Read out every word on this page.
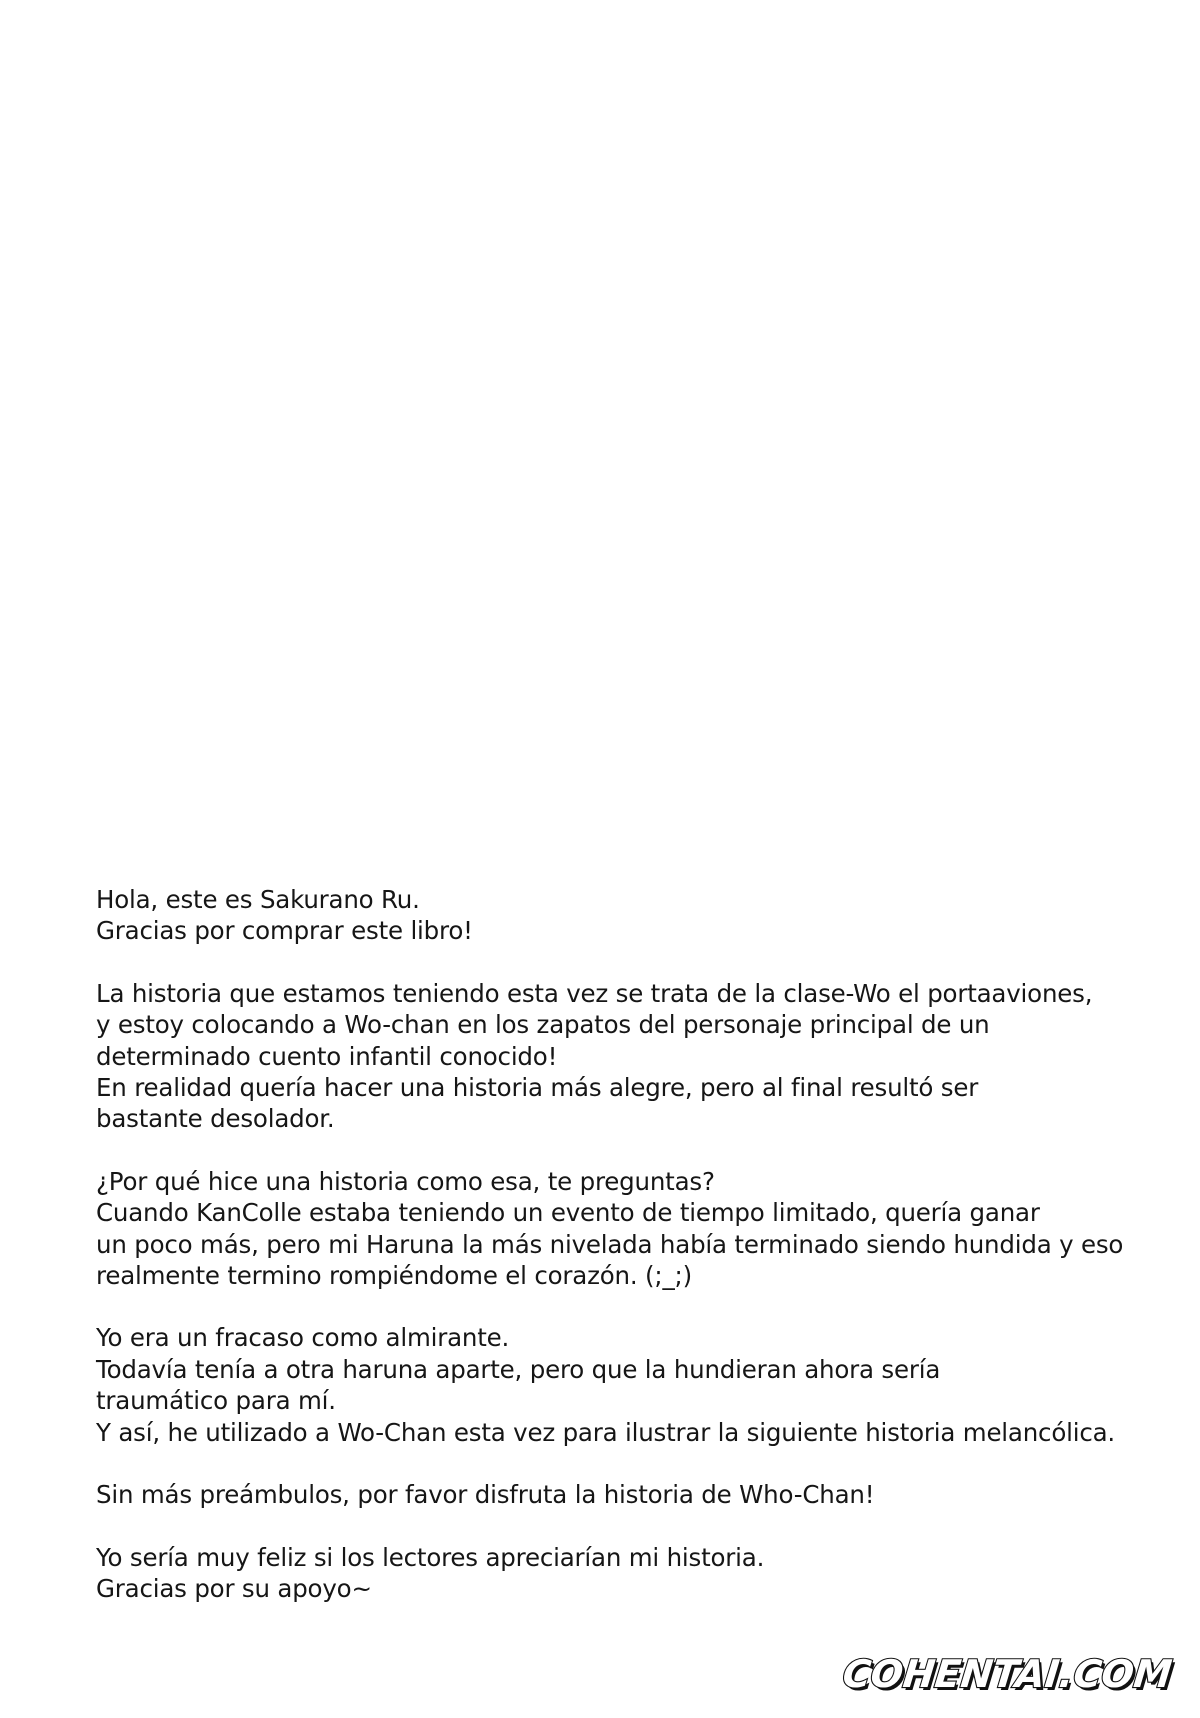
Hola, este es Sakurano Ru.
Gracias por comprar este libro!

La historia que estamos teniendo esta vez se trata de la clase-Wo el portaaviones,
y estoy colocando a Wo-chan en los zapatos del personaje principal de un
determinado cuento infantil conocido!
En realidad quería hacer una historia más alegre, pero al final resultó ser
bastante desolador.

¿Por qué hice una historia como esa, te preguntas?
Cuando KanColle estaba teniendo un evento de tiempo limitado, quería ganar
un poco más, pero mi Haruna la más nivelada había terminado siendo hundida y eso
realmente termino rompiéndome el corazón. (;_;)

Yo era un fracaso como almirante.
Todavía tenía a otra haruna aparte, pero que la hundieran ahora sería
traumático para mí.
Y así, he utilizado a Wo-Chan esta vez para ilustrar la siguiente historia melancólica.

Sin más preámbulos, por favor disfruta la historia de Who-Chan!

Yo sería muy feliz si los lectores apreciarían mi historia.
Gracias por su apoyo~

COHENTAI.COM
